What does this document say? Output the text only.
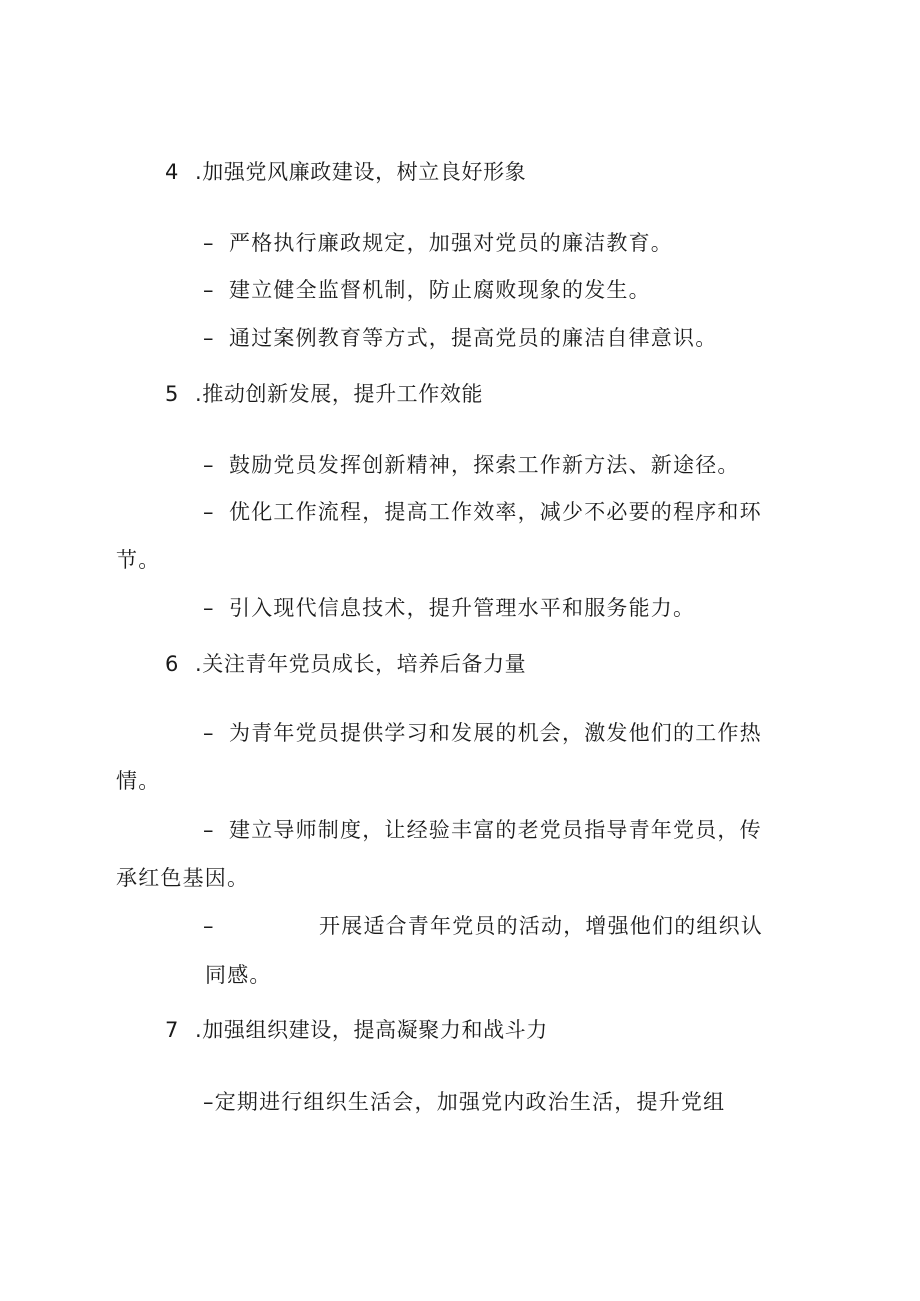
4 .加强党风廉政建设，树立良好形象
– 严格执行廉政规定，加强对党员的廉洁教育。
– 建立健全监督机制，防止腐败现象的发生。
– 通过案例教育等方式，提高党员的廉洁自律意识。
5 .推动创新发展，提升工作效能
– 鼓励党员发挥创新精神，探索工作新方法、新途径。
– 优化工作流程，提高工作效率，减少不必要的程序和环
节。
– 引入现代信息技术，提升管理水平和服务能力。
6 .关注青年党员成长，培养后备力量
– 为青年党员提供学习和发展的机会，激发他们的工作热
情。
– 建立导师制度，让经验丰富的老党员指导青年党员，传
承红色基因。
–	开展适合青年党员的活动，增强他们的组织认
同感。
7 .加强组织建设，提高凝聚力和战斗力
–定期进行组织生活会，加强党内政治生活，提升党组
